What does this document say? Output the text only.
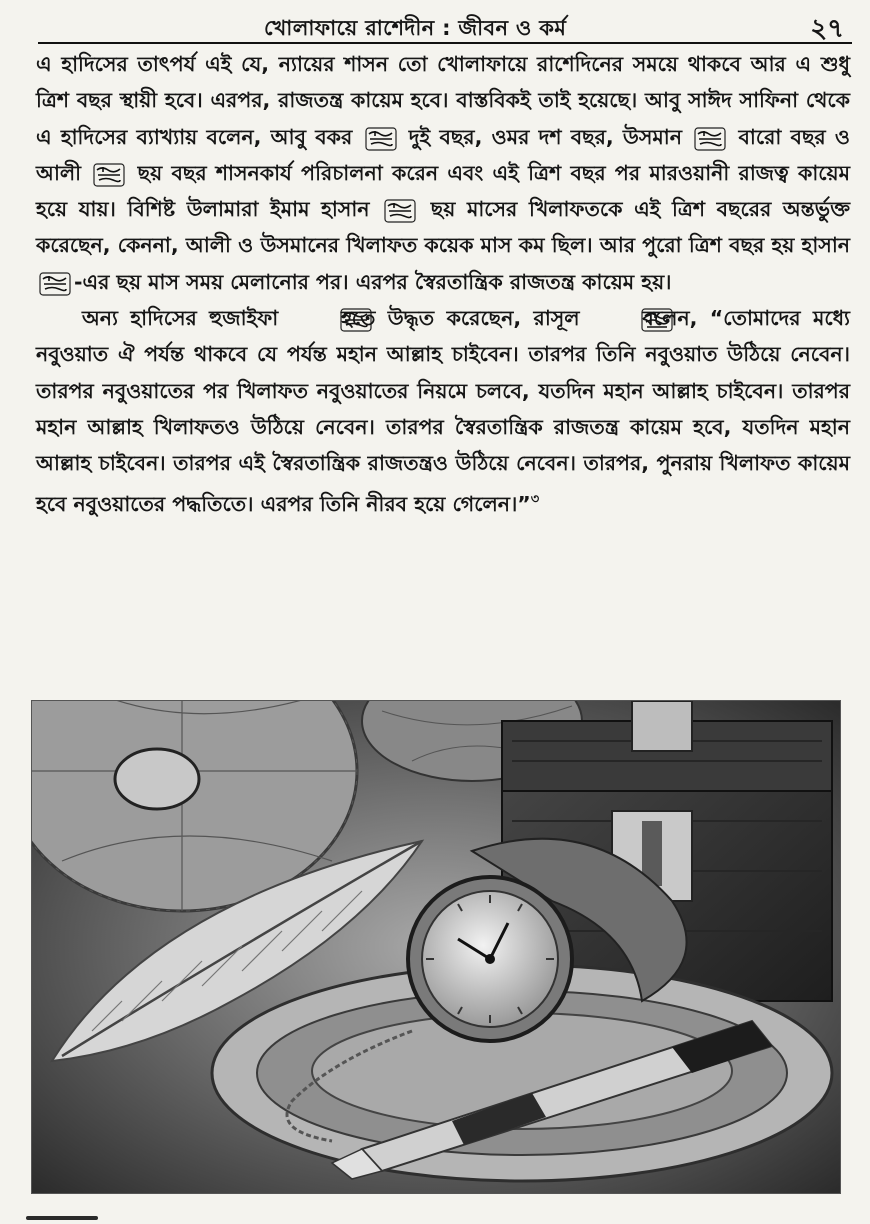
খোলাফায়ে রাশেদীন : জীবন ও কর্ম	২৭

এ হাদিসের তাৎপর্য এই যে, ন্যায়ের শাসন তো খোলাফায়ে রাশেদিনের সময়ে থাকবে আর এ শুধু ত্রিশ বছর স্থায়ী হবে। এরপর, রাজতন্ত্র কায়েম হবে। বাস্তবিকই তাই হয়েছে। আবু সাঈদ সাফিনা থেকে এ হাদিসের ব্যাখ্যায় বলেন, আবু বকর  দুই বছর, ওমর দশ বছর, উসমান  বারো বছর ও আলী  ছয় বছর শাসনকার্য পরিচালনা করেন এবং এই ত্রিশ বছর পর মারওয়ানী রাজত্ব কায়েম হয়ে যায়। বিশিষ্ট উলামারা ইমাম হাসান  ছয় মাসের খিলাফতকে এই ত্রিশ বছরের অন্তর্ভুক্ত করেছেন, কেননা, আলী ও উসমানের খিলাফত কয়েক মাস কম ছিল। আর পুরো ত্রিশ বছর হয় হাসান -এর ছয় মাস সময় মেলানোর পর। এরপর স্বৈরতান্ত্রিক রাজতন্ত্র কায়েম হয়।

অন্য হাদিসের হুজাইফা  হতে উদ্ধৃত করেছেন, রাসূল  বলেন, “তোমাদের মধ্যে নবুওয়াত ঐ পর্যন্ত থাকবে যে পর্যন্ত মহান আল্লাহ চাইবেন। তারপর তিনি নবুওয়াত উঠিয়ে নেবেন। তারপর নবুওয়াতের পর খিলাফত নবুওয়াতের নিয়মে চলবে, যতদিন মহান আল্লাহ চাইবেন। তারপর মহান আল্লাহ খিলাফতও উঠিয়ে নেবেন। তারপর স্বৈরতান্ত্রিক রাজতন্ত্র কায়েম হবে, যতদিন মহান আল্লাহ চাইবেন। তারপর এই স্বৈরতান্ত্রিক রাজতন্ত্রও উঠিয়ে নেবেন। তারপর, পুনরায় খিলাফত কায়েম হবে নবুওয়াতের পদ্ধতিতে। এরপর তিনি নীরব হয়ে গেলেন।”$^৩$
